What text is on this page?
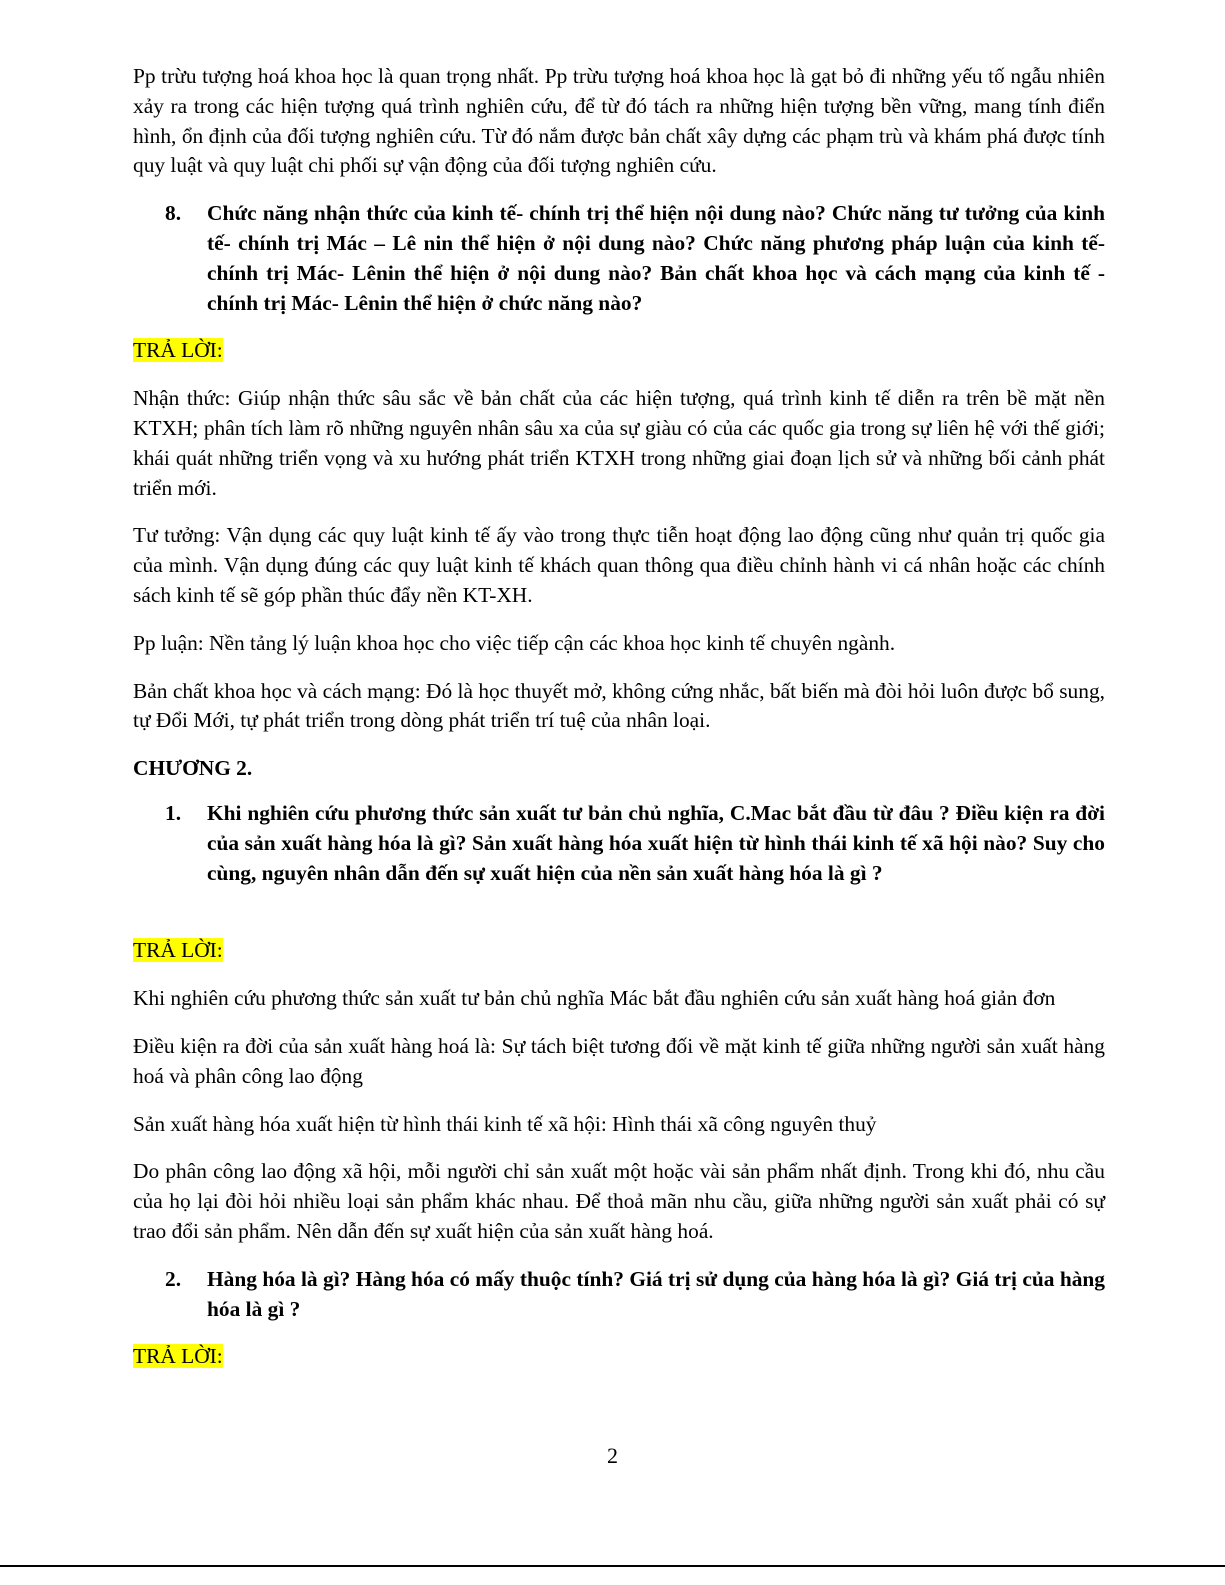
Pp trừu tượng hoá khoa học là quan trọng nhất. Pp trừu tượng hoá khoa học là gạt bỏ đi những yếu tố ngẫu nhiên xảy ra trong các hiện tượng quá trình nghiên cứu, để từ đó tách ra những hiện tượng bền vững, mang tính điển hình, ổn định của đối tượng nghiên cứu. Từ đó nắm được bản chất xây dựng các phạm trù và khám phá được tính quy luật và quy luật chi phối sự vận động của đối tượng nghiên cứu.

8.	Chức năng nhận thức của kinh tế- chính trị thể hiện nội dung nào? Chức năng tư tưởng của kinh tế- chính trị Mác – Lê nin thể hiện ở nội dung nào? Chức năng phương pháp luận của kinh tế- chính trị Mác- Lênin thể hiện ở nội dung nào? Bản chất khoa học và cách mạng của kinh tế - chính trị Mác- Lênin thể hiện ở chức năng nào?
TRẢ LỜI:

Nhận thức: Giúp nhận thức sâu sắc về bản chất của các hiện tượng, quá trình kinh tế diễn ra trên bề mặt nền KTXH; phân tích làm rõ những nguyên nhân sâu xa của sự giàu có của các quốc gia trong sự liên hệ với thế giới; khái quát những triển vọng và xu hướng phát triển KTXH trong những giai đoạn lịch sử và những bối cảnh phát triển mới.

Tư tưởng: Vận dụng các quy luật kinh tế ấy vào trong thực tiễn hoạt động lao động cũng như quản trị quốc gia của mình. Vận dụng đúng các quy luật kinh tế khách quan thông qua điều chỉnh hành vi cá nhân hoặc các chính sách kinh tế sẽ góp phần thúc đẩy nền KT-XH.

Pp luận: Nền tảng lý luận khoa học cho việc tiếp cận các khoa học kinh tế chuyên ngành.

Bản chất khoa học và cách mạng: Đó là học thuyết mở, không cứng nhắc, bất biến mà đòi hỏi luôn được bổ sung, tự Đổi Mới, tự phát triển trong dòng phát triển trí tuệ của nhân loại.

CHƯƠNG 2.
1.	Khi nghiên cứu phương thức sản xuất tư bản chủ nghĩa, C.Mac bắt đầu từ đâu ? Điều kiện ra đời của sản xuất hàng hóa là gì? Sản xuất hàng hóa xuất hiện từ hình thái kinh tế xã hội nào? Suy cho cùng, nguyên nhân dẫn đến sự xuất hiện của nền sản xuất hàng hóa là gì ?
TRẢ LỜI:

Khi nghiên cứu phương thức sản xuất tư bản chủ nghĩa Mác bắt đầu nghiên cứu sản xuất hàng hoá giản đơn

Điều kiện ra đời của sản xuất hàng hoá là: Sự tách biệt tương đối về mặt kinh tế giữa những người sản xuất hàng hoá và phân công lao động

Sản xuất hàng hóa xuất hiện từ hình thái kinh tế xã hội: Hình thái xã công nguyên thuỷ

Do phân công lao động xã hội, mỗi người chỉ sản xuất một hoặc vài sản phẩm nhất định. Trong khi đó, nhu cầu của họ lại đòi hỏi nhiều loại sản phẩm khác nhau. Để thoả mãn nhu cầu, giữa những người sản xuất phải có sự trao đổi sản phẩm. Nên dẫn đến sự xuất hiện của sản xuất hàng hoá.

2.	Hàng hóa là gì? Hàng hóa có mấy thuộc tính? Giá trị sử dụng của hàng hóa là gì? Giá trị của hàng hóa là gì ?
TRẢ LỜI:
2
